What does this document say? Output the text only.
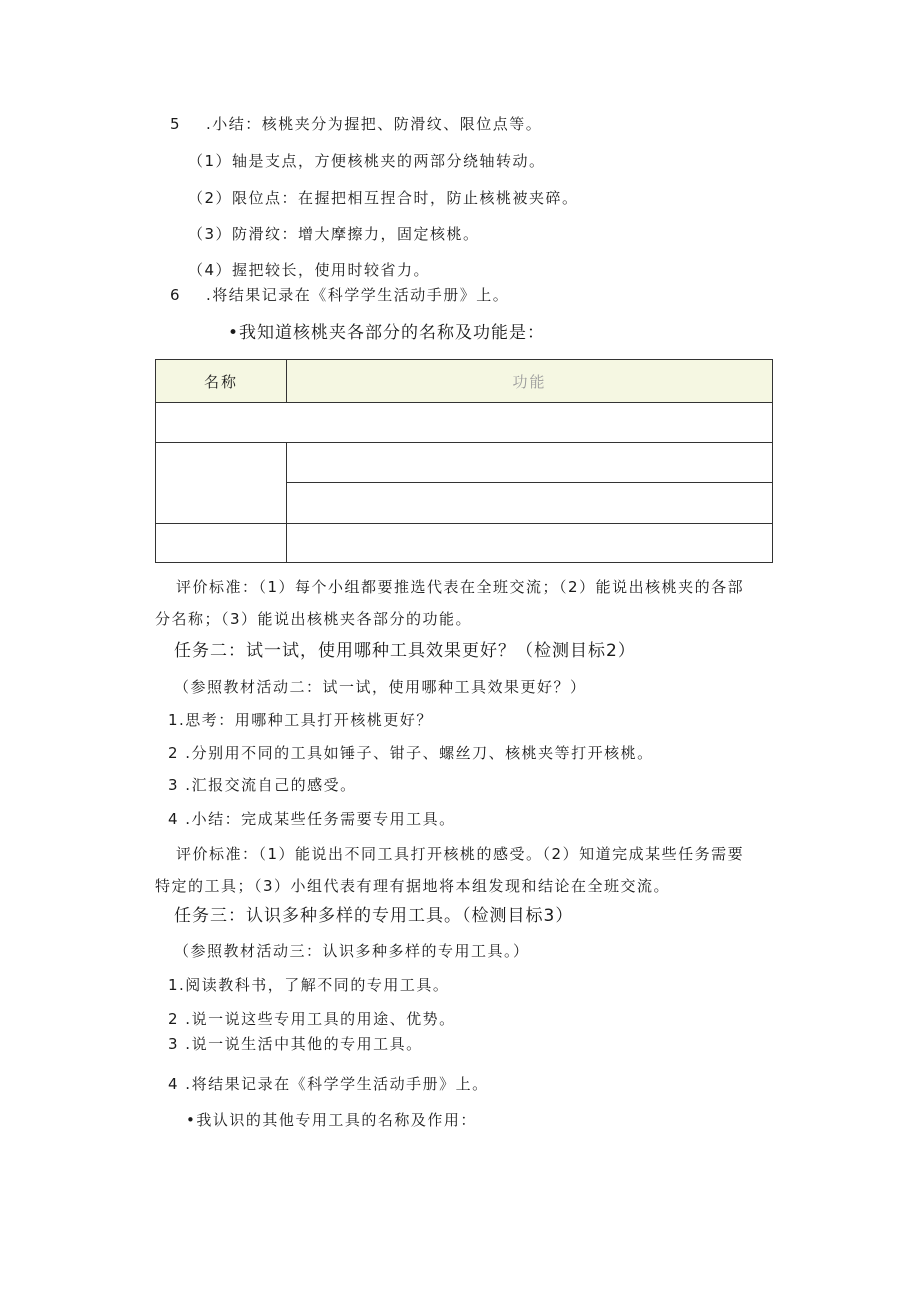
5 .小结：核桃夹分为握把、防滑纹、限位点等。
（1）轴是支点，方便核桃夹的两部分绕轴转动。
（2）限位点：在握把相互捏合时，防止核桃被夹碎。
（3）防滑纹：增大摩擦力，固定核桃。
（4）握把较长，使用时较省力。
6 .将结果记录在《科学学生活动手册》上。
•我知道核桃夹各部分的名称及功能是：
名称	功能
评价标准：（1）每个小组都要推选代表在全班交流；（2）能说出核桃夹的各部
分名称；（3）能说出核桃夹各部分的功能。
任务二：试一试，使用哪种工具效果更好？（检测目标2）
（参照教材活动二：试一试，使用哪种工具效果更好？）
1.思考：用哪种工具打开核桃更好？
2 .分别用不同的工具如锤子、钳子、螺丝刀、核桃夹等打开核桃。
3 .汇报交流自己的感受。
4 .小结：完成某些任务需要专用工具。
评价标准：（1）能说出不同工具打开核桃的感受。（2）知道完成某些任务需要
特定的工具；（3）小组代表有理有据地将本组发现和结论在全班交流。
任务三：认识多种多样的专用工具。（检测目标3）
（参照教材活动三：认识多种多样的专用工具。）
1.阅读教科书，了解不同的专用工具。
2 .说一说这些专用工具的用途、优势。
3 .说一说生活中其他的专用工具。
4 .将结果记录在《科学学生活动手册》上。
•我认识的其他专用工具的名称及作用：
